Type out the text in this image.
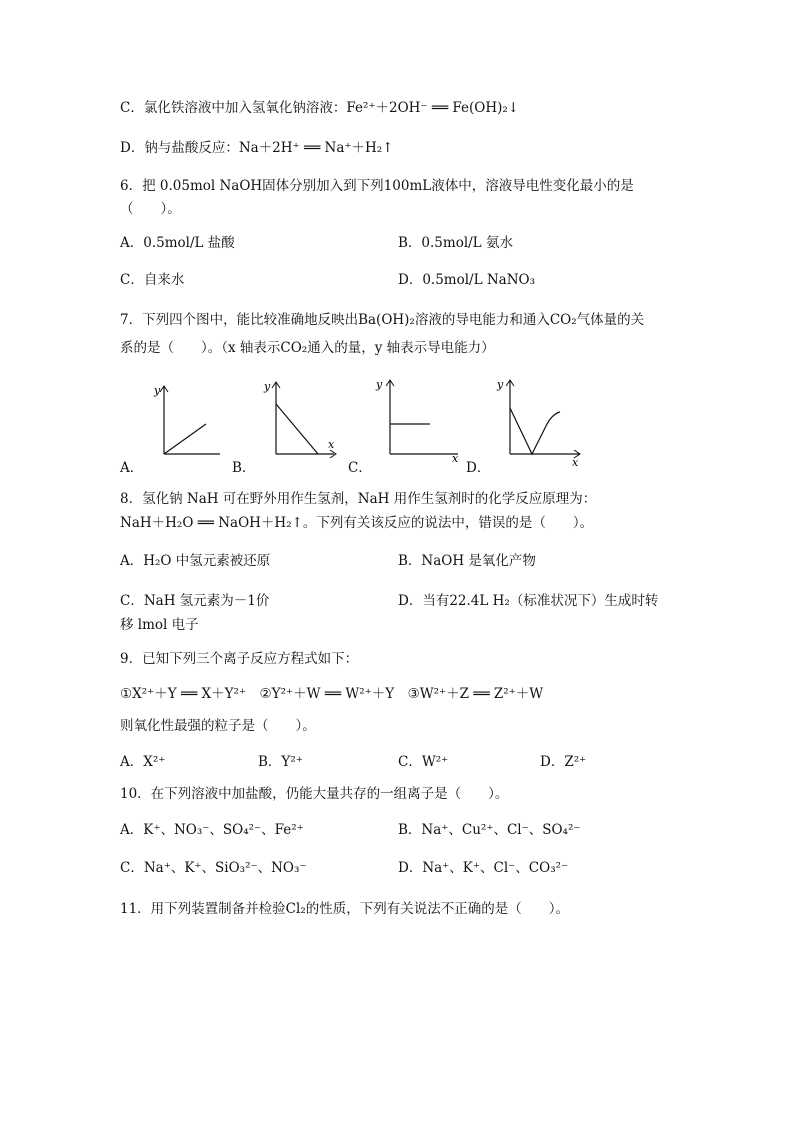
C．氯化铁溶液中加入氢氧化钠溶液：Fe²⁺＋2OH⁻ ══ Fe(OH)₂↓
D．钠与盐酸反应：Na＋2H⁺ ══ Na⁺＋H₂↑
6．把 0.05mol NaOH固体分别加入到下列100mL液体中，溶液导电性变化最小的是
（　　）。
A．0.5mol/L 盐酸	B．0.5mol/L 氨水
C．自来水	D．0.5mol/L NaNO₃
7．下列四个图中，能比较准确地反映出Ba(OH)₂溶液的导电能力和通入CO₂气体量的关
系的是（　　）。（x 轴表示CO₂通入的量，y 轴表示导电能力）
y	y
x
y
x
y
x
A．	B．	C．	D．
8．氢化钠 NaH 可在野外用作生氢剂，NaH 用作生氢剂时的化学反应原理为：
NaH＋H₂O ══ NaOH＋H₂↑。下列有关该反应的说法中，错误的是（　　）。
A．H₂O 中氢元素被还原	B．NaOH 是氧化产物
C．NaH 氢元素为－1价	D．当有22.4L H₂（标准状况下）生成时转
移 lmol 电子
9．已知下列三个离子反应方程式如下：
①X²⁺＋Y ══ X＋Y²⁺　②Y²⁺＋W ══ W²⁺＋Y　③W²⁺＋Z ══ Z²⁺＋W
则氧化性最强的粒子是（　　）。
A．X²⁺	B．Y²⁺	C．W²⁺	D．Z²⁺
10．在下列溶液中加盐酸，仍能大量共存的一组离子是（　　）。
A．K⁺、NO₃⁻、SO₄²⁻、Fe²⁺	B．Na⁺、Cu²⁺、Cl⁻、SO₄²⁻
C．Na⁺、K⁺、SiO₃²⁻、NO₃⁻	D．Na⁺、K⁺、Cl⁻、CO₃²⁻
11．用下列装置制备并检验Cl₂的性质，下列有关说法不正确的是（　　）。
